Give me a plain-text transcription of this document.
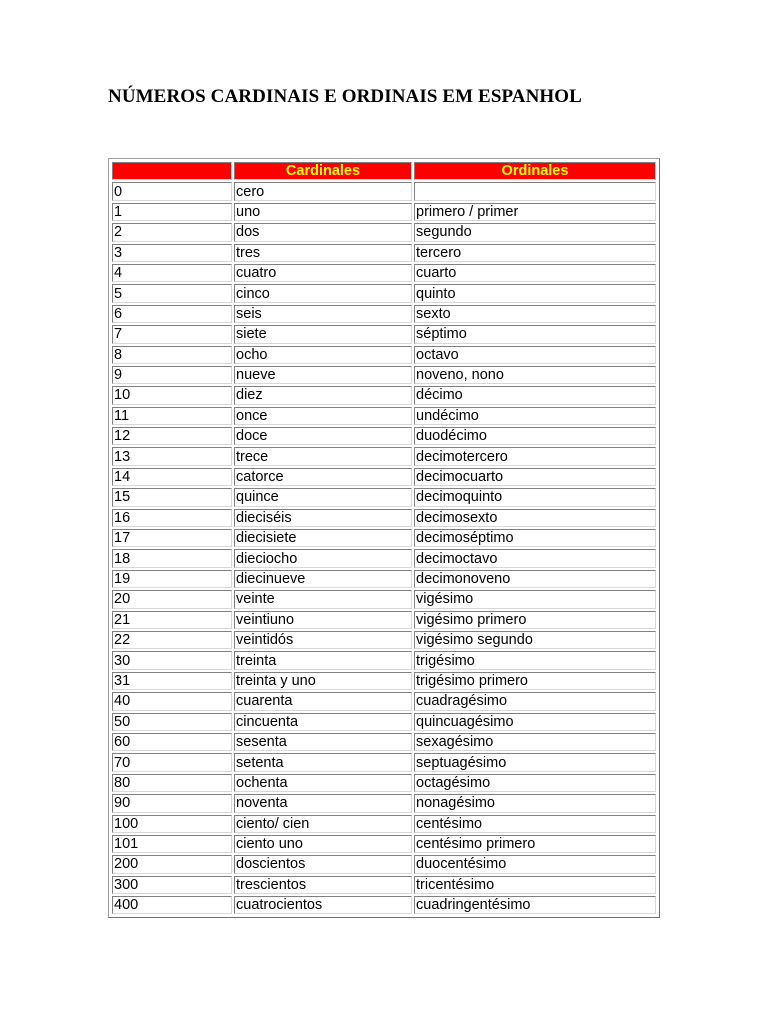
NÚMEROS CARDINAIS E ORDINAIS EM ESPANHOL
	Cardinales	Ordinales
0	cero	
1	uno	primero / primer
2	dos	segundo
3	tres	tercero
4	cuatro	cuarto
5	cinco	quinto
6	seis	sexto
7	siete	séptimo
8	ocho	octavo
9	nueve	noveno, nono
10	diez	décimo
11	once	undécimo
12	doce	duodécimo
13	trece	decimotercero
14	catorce	decimocuarto
15	quince	decimoquinto
16	dieciséis	decimosexto
17	diecisiete	decimoséptimo
18	dieciocho	decimoctavo
19	diecinueve	decimonoveno
20	veinte	vigésimo
21	veintiuno	vigésimo primero
22	veintidós	vigésimo segundo
30	treinta	trigésimo
31	treinta y uno	trigésimo primero
40	cuarenta	cuadragésimo
50	cincuenta	quincuagésimo
60	sesenta	sexagésimo
70	setenta	septuagésimo
80	ochenta	octagésimo
90	noventa	nonagésimo
100	ciento/ cien	centésimo
101	ciento uno	centésimo primero
200	doscientos	duocentésimo
300	trescientos	tricentésimo
400	cuatrocientos	cuadringentésimo
